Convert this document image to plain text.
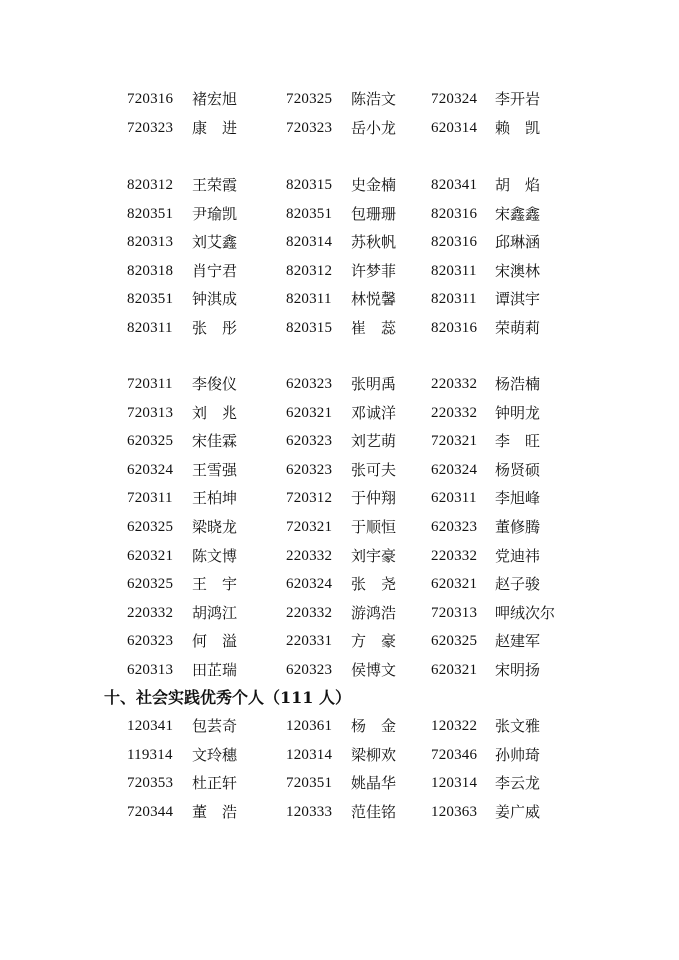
720316 褚宏旭	720325 陈浩文 720324 李开岩
720323 康　进	720323 岳小龙 620314 赖　凯
820312 王荣霞	820315 史金楠 820341 胡　焰
820351 尹瑜凯	820351 包珊珊 820316 宋鑫鑫
820313 刘艾鑫	820314 苏秋帆 820316 邱琳涵
820318 肖宁君	820312 许梦菲 820311 宋澳林
820351 钟淇成	820311 林悦馨 820311 谭淇宇
820311 张　彤	820315 崔　蕊 820316 荣萌莉
720311 李俊仪	620323 张明禹 220332 杨浩楠
720313 刘　兆	620321 邓诚洋 220332 钟明龙
620325 宋佳霖	620323 刘艺萌 720321 李　旺
620324 王雪强	620323 张可夫 620324 杨贤硕
720311 王柏坤	720312 于仲翔 620311 李旭峰
620325 梁晓龙	720321 于顺恒 620323 董修腾
620321 陈文博	220332 刘宇豪 220332 党迪祎
620325 王　宇	620324 张　尧 620321 赵子骏
220332 胡鸿江	220332 游鸿浩 720313 呷绒次尔
620323 何　溢	220331 方　豪 620325 赵建军
620313 田芷瑞	620323 侯博文 620321 宋明扬
十、社会实践优秀个人（111 人）
120341 包芸奇	120361 杨　金 120322 张文雅
119314 文玲穗	120314 梁柳欢 720346 孙帅琦
720353 杜正轩	720351 姚晶华 120314 李云龙
720344 董　浩	120333 范佳铭 120363 姜广威
